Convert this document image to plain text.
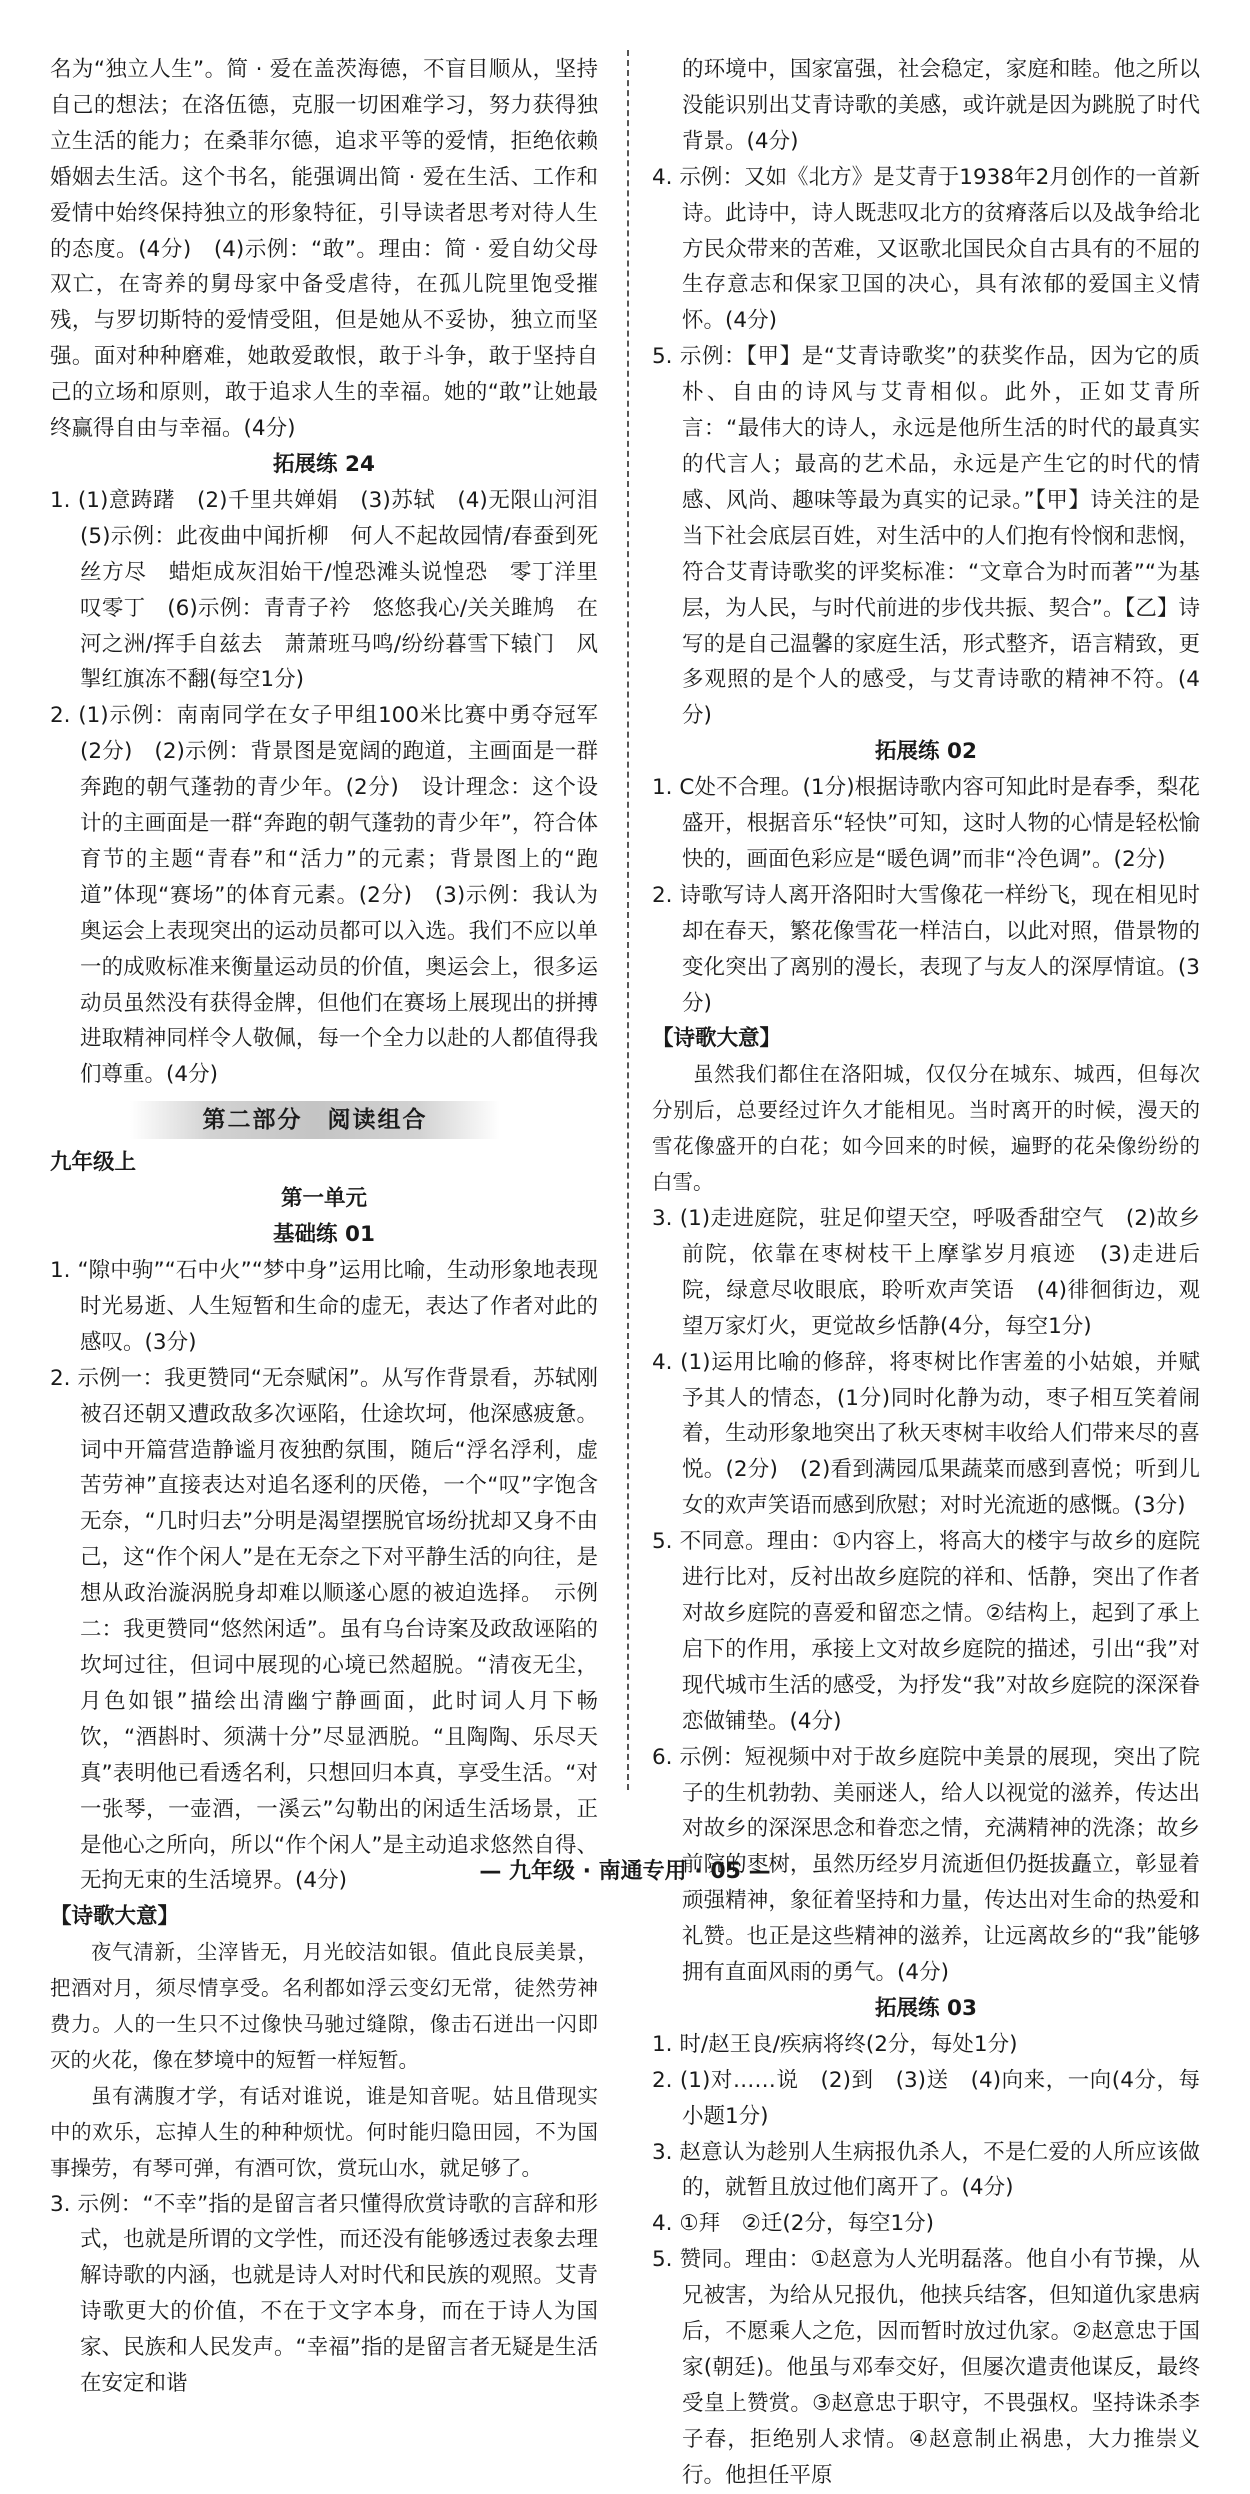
名为“独立人生”。简 · 爱在盖茨海德，不盲目顺从，坚持自己的想法；在洛伍德，克服一切困难学习，努力获得独立生活的能力；在桑菲尔德，追求平等的爱情，拒绝依赖婚姻去生活。这个书名，能强调出简 · 爱在生活、工作和爱情中始终保持独立的形象特征，引导读者思考对待人生的态度。(4分)　(4)示例：“敢”。理由：简 · 爱自幼父母双亡，在寄养的舅母家中备受虐待，在孤儿院里饱受摧残，与罗切斯特的爱情受阻，但是她从不妥协，独立而坚强。面对种种磨难，她敢爱敢恨，敢于斗争，敢于坚持自己的立场和原则，敢于追求人生的幸福。她的“敢”让她最终赢得自由与幸福。(4分)

拓展练 24

1. (1)意踌躇　(2)千里共婵娟　(3)苏轼　(4)无限山河泪　(5)示例：此夜曲中闻折柳　何人不起故园情/春蚕到死丝方尽　蜡炬成灰泪始干/惶恐滩头说惶恐　零丁洋里叹零丁　(6)示例：青青子衿　悠悠我心/关关雎鸠　在河之洲/挥手自兹去　萧萧班马鸣/纷纷暮雪下辕门　风掣红旗冻不翻(每空1分)

2. (1)示例：南南同学在女子甲组100米比赛中勇夺冠军(2分)　(2)示例：背景图是宽阔的跑道，主画面是一群奔跑的朝气蓬勃的青少年。(2分)　设计理念：这个设计的主画面是一群“奔跑的朝气蓬勃的青少年”，符合体育节的主题“青春”和“活力”的元素；背景图上的“跑道”体现“赛场”的体育元素。(2分)　(3)示例：我认为奥运会上表现突出的运动员都可以入选。我们不应以单一的成败标准来衡量运动员的价值，奥运会上，很多运动员虽然没有获得金牌，但他们在赛场上展现出的拼搏进取精神同样令人敬佩，每一个全力以赴的人都值得我们尊重。(4分)

第二部分　阅读组合

九年级上

第一单元

基础练 01

1. “隙中驹”“石中火”“梦中身”运用比喻，生动形象地表现时光易逝、人生短暂和生命的虚无，表达了作者对此的感叹。(3分)

2. 示例一：我更赞同“无奈赋闲”。从写作背景看，苏轼刚被召还朝又遭政敌多次诬陷，仕途坎坷，他深感疲惫。词中开篇营造静谧月夜独酌氛围，随后“浮名浮利，虚苦劳神”直接表达对追名逐利的厌倦，一个“叹”字饱含无奈，“几时归去”分明是渴望摆脱官场纷扰却又身不由己，这“作个闲人”是在无奈之下对平静生活的向往，是想从政治漩涡脱身却难以顺遂心愿的被迫选择。　示例二：我更赞同“悠然闲适”。虽有乌台诗案及政敌诬陷的坎坷过往，但词中展现的心境已然超脱。“清夜无尘，月色如银”描绘出清幽宁静画面，此时词人月下畅饮，“酒斟时、须满十分”尽显洒脱。“且陶陶、乐尽天真”表明他已看透名利，只想回归本真，享受生活。“对一张琴，一壶酒，一溪云”勾勒出的闲适生活场景，正是他心之所向，所以“作个闲人”是主动追求悠然自得、无拘无束的生活境界。(4分)

【诗歌大意】

夜气清新，尘滓皆无，月光皎洁如银。值此良辰美景，把酒对月，须尽情享受。名利都如浮云变幻无常，徒然劳神费力。人的一生只不过像快马驰过缝隙，像击石迸出一闪即灭的火花，像在梦境中的短暂一样短暂。

虽有满腹才学，有话对谁说，谁是知音呢。姑且借现实中的欢乐，忘掉人生的种种烦忧。何时能归隐田园，不为国事操劳，有琴可弹，有酒可饮，赏玩山水，就足够了。

3. 示例：“不幸”指的是留言者只懂得欣赏诗歌的言辞和形式，也就是所谓的文学性，而还没有能够透过表象去理解诗歌的内涵，也就是诗人对时代和民族的观照。艾青诗歌更大的价值，不在于文字本身，而在于诗人为国家、民族和人民发声。“幸福”指的是留言者无疑是生活在安定和谐

的环境中，国家富强，社会稳定，家庭和睦。他之所以没能识别出艾青诗歌的美感，或许就是因为跳脱了时代背景。(4分)

4. 示例：又如《北方》是艾青于1938年2月创作的一首新诗。此诗中，诗人既悲叹北方的贫瘠落后以及战争给北方民众带来的苦难，又讴歌北国民众自古具有的不屈的生存意志和保家卫国的决心，具有浓郁的爱国主义情怀。(4分)

5. 示例：【甲】是“艾青诗歌奖”的获奖作品，因为它的质朴、自由的诗风与艾青相似。此外，正如艾青所言：“最伟大的诗人，永远是他所生活的时代的最真实的代言人；最高的艺术品，永远是产生它的时代的情感、风尚、趣味等最为真实的记录。”【甲】诗关注的是当下社会底层百姓，对生活中的人们抱有怜悯和悲悯，符合艾青诗歌奖的评奖标准：“文章合为时而著”“为基层，为人民，与时代前进的步伐共振、契合”。【乙】诗写的是自己温馨的家庭生活，形式整齐，语言精致，更多观照的是个人的感受，与艾青诗歌的精神不符。(4分)

拓展练 02

1. C处不合理。(1分)根据诗歌内容可知此时是春季，梨花盛开，根据音乐“轻快”可知，这时人物的心情是轻松愉快的，画面色彩应是“暖色调”而非“冷色调”。(2分)

2. 诗歌写诗人离开洛阳时大雪像花一样纷飞，现在相见时却在春天，繁花像雪花一样洁白，以此对照，借景物的变化突出了离别的漫长，表现了与友人的深厚情谊。(3分)

【诗歌大意】

虽然我们都住在洛阳城，仅仅分在城东、城西，但每次分别后，总要经过许久才能相见。当时离开的时候，漫天的雪花像盛开的白花；如今回来的时候，遍野的花朵像纷纷的白雪。

3. (1)走进庭院，驻足仰望天空，呼吸香甜空气　(2)故乡前院，依靠在枣树枝干上摩挲岁月痕迹　(3)走进后院，绿意尽收眼底，聆听欢声笑语　(4)徘徊街边，观望万家灯火，更觉故乡恬静(4分，每空1分)

4. (1)运用比喻的修辞，将枣树比作害羞的小姑娘，并赋予其人的情态，(1分)同时化静为动，枣子相互笑着闹着，生动形象地突出了秋天枣树丰收给人们带来尽的喜悦。(2分)　(2)看到满园瓜果蔬菜而感到喜悦；听到儿女的欢声笑语而感到欣慰；对时光流逝的感慨。(3分)

5. 不同意。理由：①内容上，将高大的楼宇与故乡的庭院进行比对，反衬出故乡庭院的祥和、恬静，突出了作者对故乡庭院的喜爱和留恋之情。②结构上，起到了承上启下的作用，承接上文对故乡庭院的描述，引出“我”对现代城市生活的感受，为抒发“我”对故乡庭院的深深眷恋做铺垫。(4分)

6. 示例：短视频中对于故乡庭院中美景的展现，突出了院子的生机勃勃、美丽迷人，给人以视觉的滋养，传达出对故乡的深深思念和眷恋之情，充满精神的洗涤；故乡前院的枣树，虽然历经岁月流逝但仍挺拔矗立，彰显着顽强精神，象征着坚持和力量，传达出对生命的热爱和礼赞。也正是这些精神的滋养，让远离故乡的“我”能够拥有直面风雨的勇气。(4分)

拓展练 03

1. 时/赵王良/疾病将终(2分，每处1分)

2. (1)对……说　(2)到　(3)送　(4)向来，一向(4分，每小题1分)

3. 赵意认为趁别人生病报仇杀人，不是仁爱的人所应该做的，就暂且放过他们离开了。(4分)

4. ①拜　②迁(2分，每空1分)

5. 赞同。理由：①赵意为人光明磊落。他自小有节操，从兄被害，为给从兄报仇，他挟兵结客，但知道仇家患病后，不愿乘人之危，因而暂时放过仇家。②赵意忠于国家(朝廷)。他虽与邓奉交好，但屡次遣责他谋反，最终受皇上赞赏。③赵意忠于职守，不畏强权。坚持诛杀李子春，拒绝别人求情。④赵意制止祸患，大力推崇义行。他担任平原

— 九年级 · 南通专用 · 05 —
